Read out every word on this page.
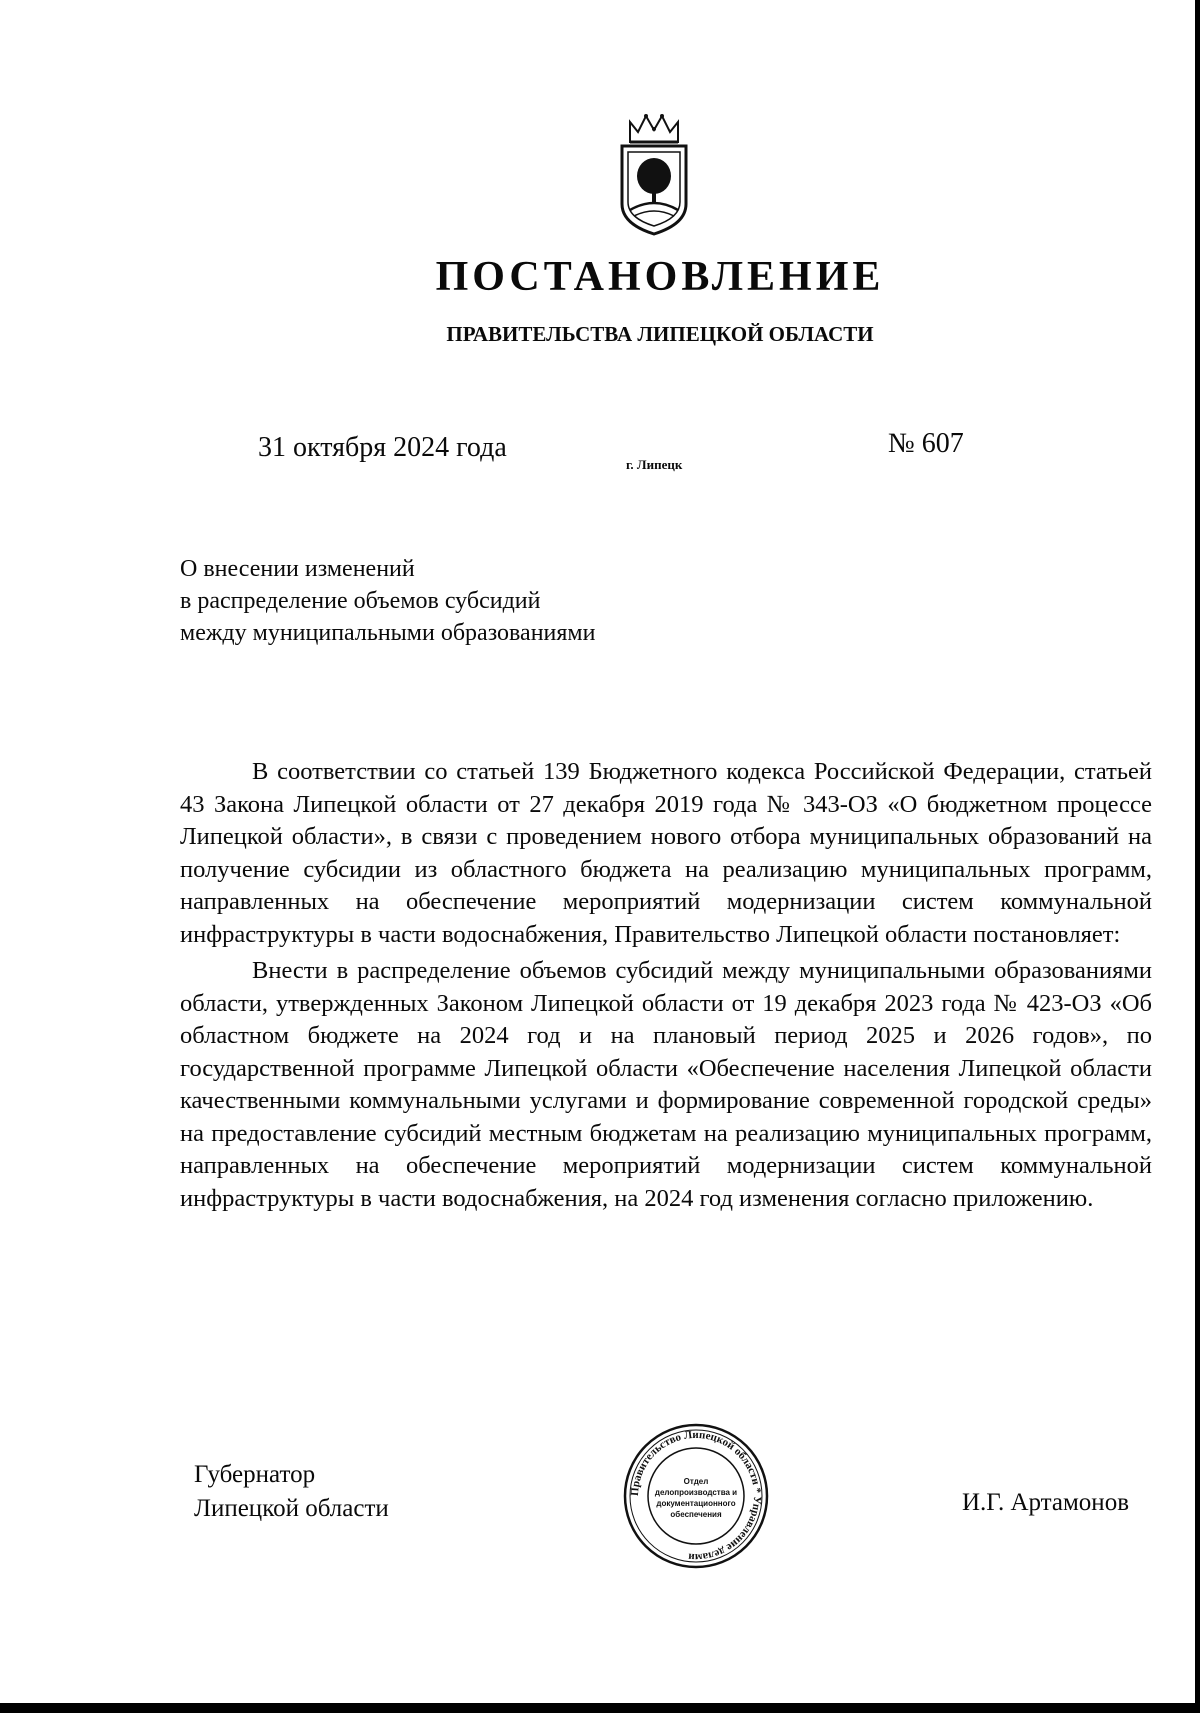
ПОСТАНОВЛЕНИЕ
ПРАВИТЕЛЬСТВА ЛИПЕЦКОЙ ОБЛАСТИ
31 октября 2024 года
г. Липецк
№ 607
О внесении изменений
в распределение объемов субсидий
между муниципальными образованиями

В соответствии со статьей 139 Бюджетного кодекса Российской Федерации, статьей 43 Закона Липецкой области от 27 декабря 2019 года № 343-ОЗ «О бюджетном процессе Липецкой области», в связи с проведением нового отбора муниципальных образований на получение субсидии из областного бюджета на реализацию муниципальных программ, направленных на обеспечение мероприятий модернизации систем коммунальной инфраструктуры в части водоснабжения, Правительство Липецкой области постановляет:

Внести в распределение объемов субсидий между муниципальными образованиями области, утвержденных Законом Липецкой области от 19 декабря 2023 года № 423-ОЗ «Об областном бюджете на 2024 год и на плановый период 2025 и 2026 годов», по государственной программе Липецкой области «Обеспечение населения Липецкой области качественными коммунальными услугами и формирование современной городской среды» на предоставление субсидий местным бюджетам на реализацию муниципальных программ, направленных на обеспечение мероприятий модернизации систем коммунальной инфраструктуры в части водоснабжения, на 2024 год изменения согласно приложению.

Губернатор
Липецкой области
Правительство Липецкой области * Управление делами
Отдел
делопроизводства и
документационного
обеспечения	И.Г. Артамонов
